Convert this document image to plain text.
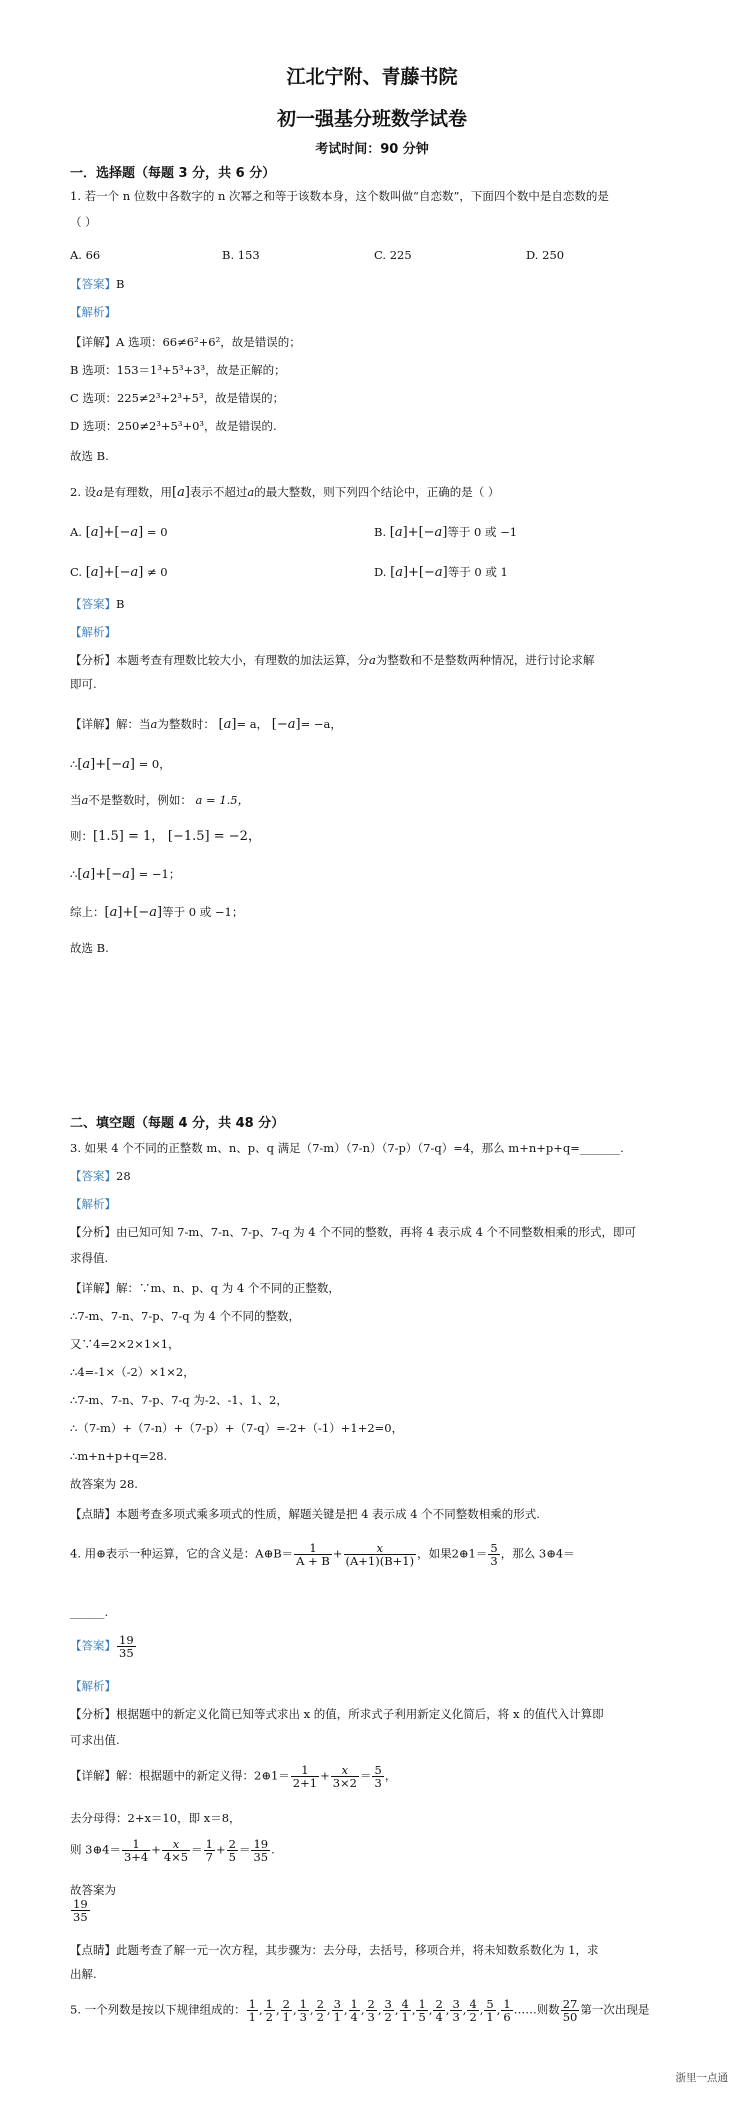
江北宁附、青藤书院
初一强基分班数学试卷
考试时间：90 分钟
一．选择题（每题 3 分，共 6 分）
1. 若一个 n 位数中各数字的 n 次幂之和等于该数本身，这个数叫做“自恋数”，下面四个数中是自恋数的是
（ ）
A. 66	B. 153	C. 225	D. 250
【答案】B
【解析】
【详解】A 选项：66≠6²+6²，故是错误的；
B 选项：153＝1³+5³+3³，故是正解的；
C 选项：225≠2³+2³+5³，故是错误的；
D 选项：250≠2³+5³+0³，故是错误的.
故选 B.
2. 设a是有理数，用[a]表示不超过a的最大整数，则下列四个结论中，正确的是（ ）
A. [a]+[−a] = 0	B. [a]+[−a]等于 0 或 −1
C. [a]+[−a] ≠ 0	D. [a]+[−a]等于 0 或 1
【答案】B
【解析】
【分析】本题考查有理数比较大小，有理数的加法运算，分a为整数和不是整数两种情况，进行讨论求解
即可.
【详解】解：当a为整数时： [a]= a， [−a]= −a，
∴[a]+[−a] = 0，
当a不是整数时，例如： a = 1.5，
则：[1.5] = 1， [−1.5] = −2，
∴[a]+[−a] = −1；
综上：[a]+[−a]等于 0 或 −1；
故选 B.
二、填空题（每题 4 分，共 48 分）
3. 如果 4 个不同的正整数 m、n、p、q 满足（7-m）（7-n）（7-p）（7-q）=4，那么 m+n+p+q=_______.
【答案】28
【解析】
【分析】由已知可知 7-m、7-n、7-p、7-q 为 4 个不同的整数，再将 4 表示成 4 个不同整数相乘的形式，即可
求得值.
【详解】解：∵m、n、p、q 为 4 个不同的正整数，
∴7-m、7-n、7-p、7-q 为 4 个不同的整数，
又∵4=2×2×1×1，
∴4=-1×（-2）×1×2，
∴7-m、7-n、7-p、7-q 为-2、-1、1、2，
∴（7-m）+（7-n）+（7-p）+（7-q）=-2+（-1）+1+2=0，
∴m+n+p+q=28.
故答案为 28.
【点睛】本题考查多项式乘多项式的性质，解题关键是把 4 表示成 4 个不同整数相乘的形式.
4. 用⊕表示一种运算，它的含义是：A⊕B＝ $\frac{1}{A + B} + \frac{x}{(A+1)(B+1)}$ ，如果2⊕1＝ $\frac{5}{3}$ ，那么 3⊕4＝
______.
【答案】 $\frac{19}{35}$
【解析】
【分析】根据题中的新定义化简已知等式求出 x 的值，所求式子利用新定义化简后，将 x 的值代入计算即
可求出值.
【详解】解：根据题中的新定义得：2⊕1＝ $\frac{1}{2+1} + \frac{x}{3\times 2} = \frac{5}{3}$ ，
去分母得：2+x＝10，即 x＝8，
则 3⊕4＝ $\frac{1}{3+4} + \frac{x}{4\times 5} = \frac{1}{7} + \frac{2}{5} = \frac{19}{35}$ .
故答案为
$\frac{19}{35}$
【点睛】此题考查了解一元一次方程，其步骤为：去分母，去括号，移项合并，将未知数系数化为 1，求
出解.
5. 一个列数是按以下规律组成的： $\frac{1}{1}$ , $\frac{1}{2}$ , $\frac{2}{1}$ , $\frac{1}{3}$ , $\frac{2}{2}$ , $\frac{3}{1}$ , $\frac{1}{4}$ , $\frac{2}{3}$ , $\frac{3}{2}$ , $\frac{4}{1}$ , $\frac{1}{5}$ , $\frac{2}{4}$ , $\frac{3}{3}$ , $\frac{4}{2}$ , $\frac{5}{1}$ , $\frac{1}{6}$ ……则数 $\frac{27}{50}$ 第一次出现是
浙里一点通
